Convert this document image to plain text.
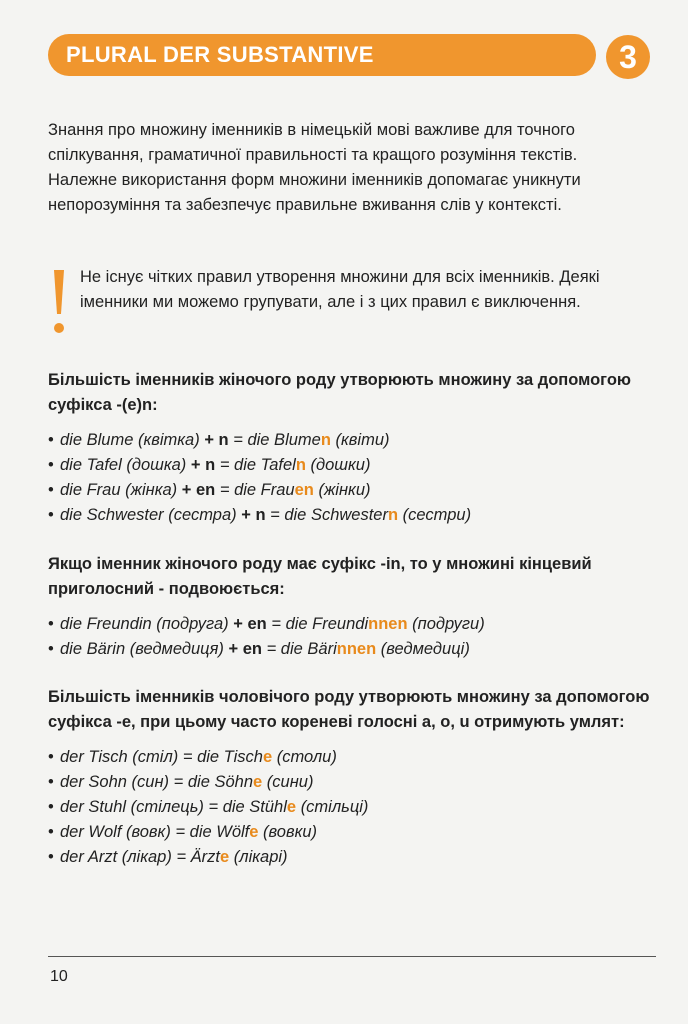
PLURAL DER SUBSTANTIVE	3

Знання про множину іменників в німецькій мові важливе для точного спілкування, граматичної правильності та кращого розуміння текстів. Належне використання форм множини іменників допомагає уникнути непорозуміння та забезпечує правильне вживання слів у контексті.

Не існує чітких правил утворення множини для всіх іменників. Деякі іменники ми можемо групувати, але і з цих правил є виключення.

Більшість іменників жіночого роду утворюють множину за допомогою суфікса -(e)n:
• die Blume (квітка) + n = die Blumen (квіти)
• die Tafel (дошка) + n = die Tafeln (дошки)
• die Frau (жінка) + en = die Frauen (жінки)
• die Schwester (сестра) + n = die Schwestern (сестри)
Якщо іменник жіночого роду має суфікс -in, то у множині кінцевий приголосний - подвоюється:
• die Freundin (подруга) + en = die Freundinnen (подруги)
• die Bärin (ведмедиця) + en = die Bärinnen (ведмедиці)
Більшість іменників чоловічого роду утворюють множину за допомогою суфікса -e, при цьому часто кореневі голосні a, o, u отримують умлят:
• der Tisch (стіл) = die Tische (столи)
• der Sohn (син) = die Söhne (сини)
• der Stuhl (стілець) = die Stühle (стільці)
• der Wolf (вовк) = die Wölfe (вовки)
• der Arzt (лікар) = Ärzte (лікарі)
10
